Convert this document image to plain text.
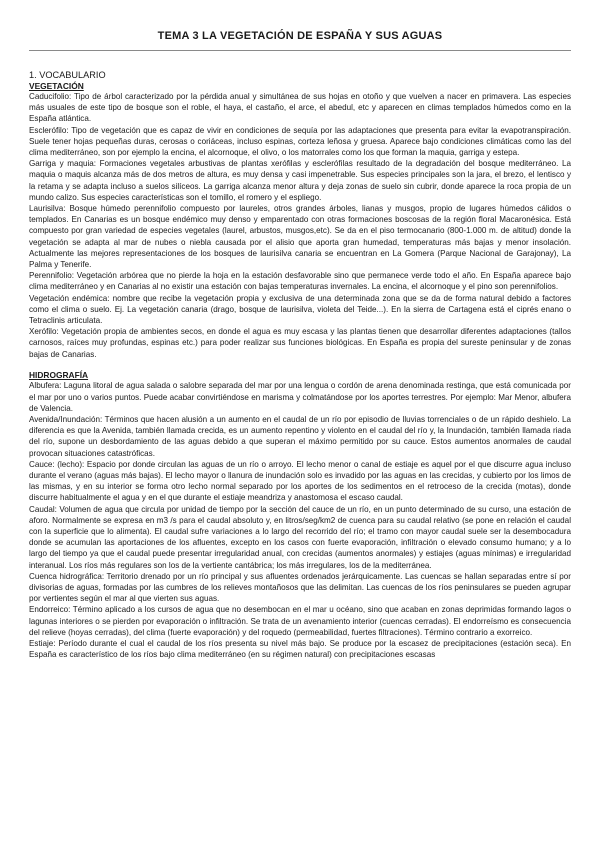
TEMA 3 LA VEGETACIÓN DE ESPAÑA Y SUS AGUAS

1. VOCABULARIO

VEGETACIÓN

Caducifolio: Tipo de árbol caracterizado por la pérdida anual y simultánea de sus hojas en otoño y que vuelven a nacer en primavera. Las especies más usuales de este tipo de bosque son el roble, el haya, el castaño, el arce, el abedul, etc y aparecen en climas templados húmedos como en la España atlántica.

Esclerófilo: Tipo de vegetación que es capaz de vivir en condiciones de sequía por las adaptaciones que presenta para evitar la evapotranspiración. Suele tener hojas pequeñas duras, cerosas o coriáceas, incluso espinas, corteza leñosa y gruesa. Aparece bajo condiciones climáticas como las del clima mediterráneo, son por ejemplo la encina, el alcornoque, el olivo, o los matorrales como los que forman la maquia, garriga y estepa.

Garriga y maquia: Formaciones vegetales arbustivas de plantas xerófilas y esclerófilas resultado de la degradación del bosque mediterráneo. La maquia o maquis alcanza más de dos metros de altura, es muy densa y casi impenetrable. Sus especies principales son la jara, el brezo, el lentisco y la retama y se adapta incluso a suelos silíceos. La garriga alcanza menor altura y deja zonas de suelo sin cubrir, donde aparece la roca propia de un mundo calizo. Sus especies características son el tomillo, el romero y el espliego.

Laurisilva: Bosque húmedo perennifolio compuesto por laureles, otros grandes árboles, lianas y musgos, propio de lugares húmedos cálidos o templados. En Canarias es un bosque endémico muy denso y emparentado con otras formaciones boscosas de la región floral Macaronésica. Está compuesto por gran variedad de especies vegetales (laurel, arbustos, musgos,etc). Se da en el piso termocanario (800-1.000 m. de altitud) donde la vegetación se adapta al mar de nubes o niebla causada por el alisio que aporta gran humedad, temperaturas más bajas y menor insolación. Actualmente las mejores representaciones de los bosques de laurisilva canaria se encuentran en La Gomera (Parque Nacional de Garajonay), La Palma y Tenerife.

Perennifolio: Vegetación arbórea que no pierde la hoja en la estación desfavorable sino que permanece verde todo el año. En España aparece bajo clima mediterráneo y en Canarias al no existir una estación con bajas temperaturas invernales. La encina, el alcornoque y el pino son perennifolios.

Vegetación endémica: nombre que recibe la vegetación propia y exclusiva de una determinada zona que se da de forma natural debido a factores como el clima o suelo. Ej. La vegetación canaria (drago, bosque de laurisilva, violeta del Teide...). En la sierra de Cartagena está el ciprés enano o Tetraclinis articulata.

Xerófilo: Vegetación propia de ambientes secos, en donde el agua es muy escasa y las plantas tienen que desarrollar diferentes adaptaciones (tallos carnosos, raíces muy profundas, espinas etc.) para poder realizar sus funciones biológicas. En España es propia del sureste peninsular y de zonas bajas de Canarias.

HIDROGRAFÍA

Albufera: Laguna litoral de agua salada o salobre separada del mar por una lengua o cordón de arena denominada restinga, que está comunicada por el mar por uno o varios puntos. Puede acabar convirtiéndose en marisma y colmatándose por los aportes terrestres. Por ejemplo: Mar Menor, albufera de Valencia.

Avenida/Inundación: Términos que hacen alusión a un aumento en el caudal de un río por episodio de lluvias torrenciales o de un rápido deshielo. La diferencia es que la Avenida, también llamada crecida, es un aumento repentino y violento en el caudal del río y, la Inundación, también llamada riada del río, supone un desbordamiento de las aguas debido a que superan el máximo permitido por su cauce. Estos aumentos anormales de caudal provocan situaciones catastróficas.

Cauce: (lecho): Espacio por donde circulan las aguas de un río o arroyo. El lecho menor o canal de estiaje es aquel por el que discurre agua incluso durante el verano (aguas más bajas). El lecho mayor o llanura de inundación solo es invadido por las aguas en las crecidas, y cubierto por los limos de las mismas, y en su interior se forma otro lecho normal separado por los aportes de los sedimentos en el retroceso de la crecida (motas), donde discurre habitualmente el agua y en el que durante el estiaje meandriza y anastomosa el escaso caudal.

Caudal: Volumen de agua que circula por unidad de tiempo por la sección del cauce de un río, en un punto determinado de su curso, una estación de aforo. Normalmente se expresa en m3 /s para el caudal absoluto y, en litros/seg/km2 de cuenca para su caudal relativo (se pone en relación el caudal con la superficie que lo alimenta). El caudal sufre variaciones a lo largo del recorrido del río; el tramo con mayor caudal suele ser la desembocadura donde se acumulan las aportaciones de los afluentes, excepto en los casos con fuerte evaporación, infiltración o elevado consumo humano; y a lo largo del tiempo ya que el caudal puede presentar irregularidad anual, con crecidas (aumentos anormales) y estiajes (aguas mínimas) e irregularidad interanual. Los ríos más regulares son los de la vertiente cantábrica; los más irregulares, los de la mediterránea.

Cuenca hidrográfica: Territorio drenado por un río principal y sus afluentes ordenados jerárquicamente. Las cuencas se hallan separadas entre sí por divisorias de aguas, formadas por las cumbres de los relieves montañosos que las delimitan. Las cuencas de los ríos peninsulares se pueden agrupar por vertientes según el mar al que vierten sus aguas.

Endorreico: Término aplicado a los cursos de agua que no desembocan en el mar u océano, sino que acaban en zonas deprimidas formando lagos o lagunas interiores o se pierden por evaporación o infiltración. Se trata de un avenamiento interior (cuencas cerradas). El endorreísmo es consecuencia del relieve (hoyas cerradas), del clima (fuerte evaporación) y del roquedo (permeabilidad, fuertes filtraciones). Término contrario a exorreico.

Estiaje: Período durante el cual el caudal de los ríos presenta su nivel más bajo. Se produce por la escasez de precipitaciones (estación seca). En España es característico de los ríos bajo clima mediterráneo (en su régimen natural) con precipitaciones escasas
